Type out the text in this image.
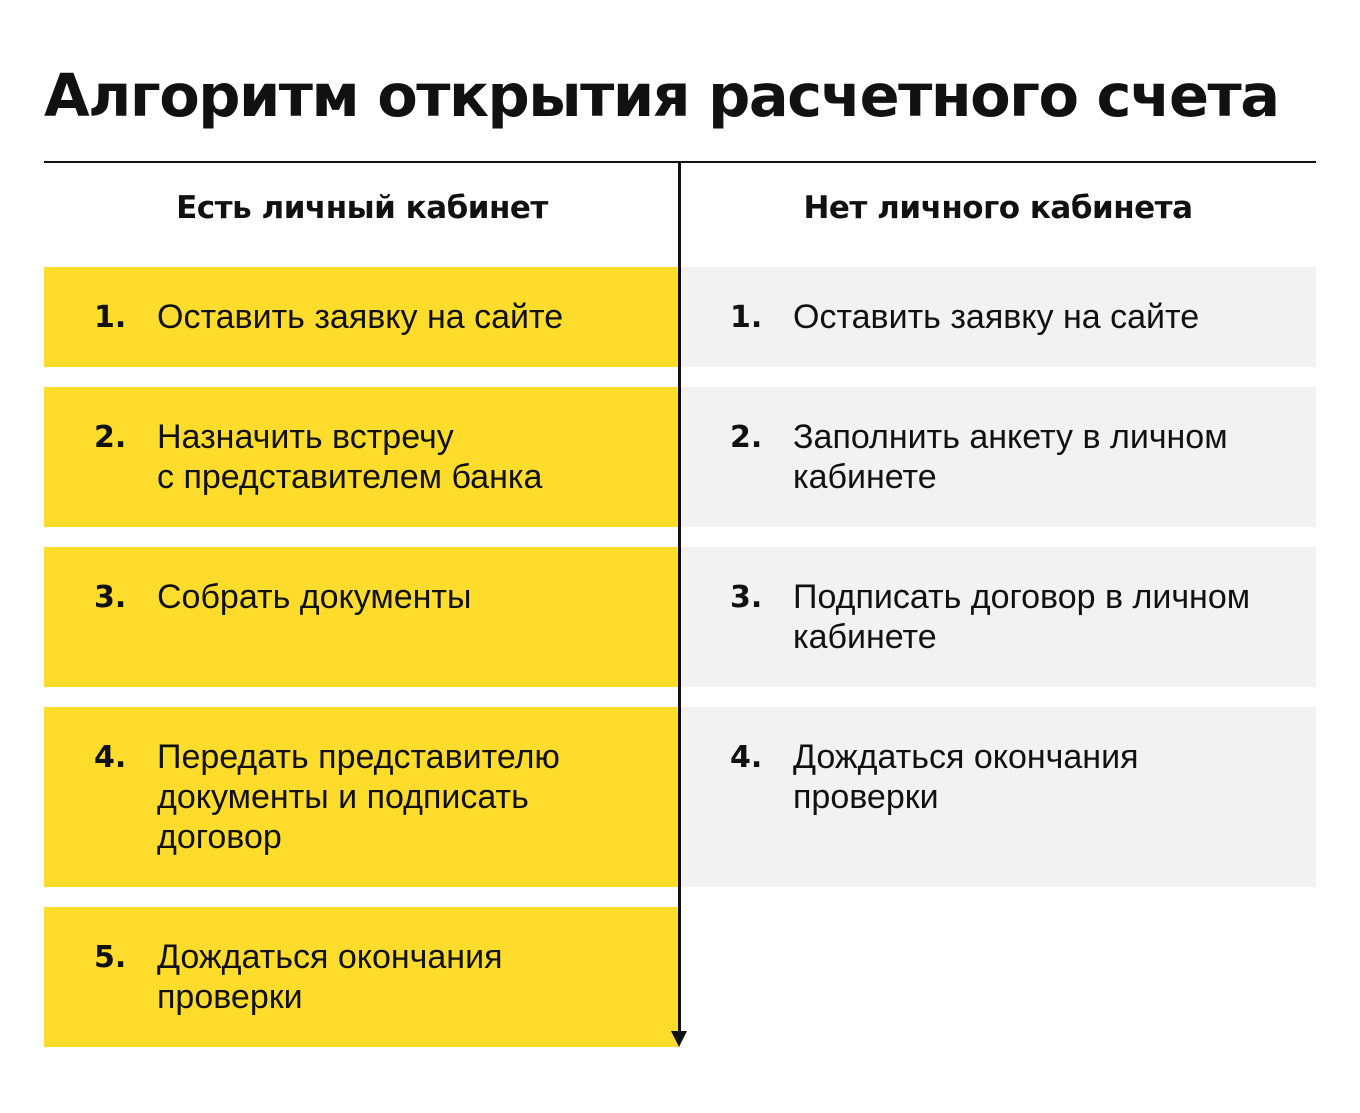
Алгоритм открытия расчетного счета
Есть личный кабинет	Нет личного кабинета
1. Оставить заявку на сайте
2. Назначить встречу
с представителем банка
3. Собрать документы
4. Передать представителю
документы и подписать
договор
5. Дождаться окончания
проверки
1. Оставить заявку на сайте
2. Заполнить анкету в личном
кабинете
3. Подписать договор в личном
кабинете
4. Дождаться окончания
проверки
